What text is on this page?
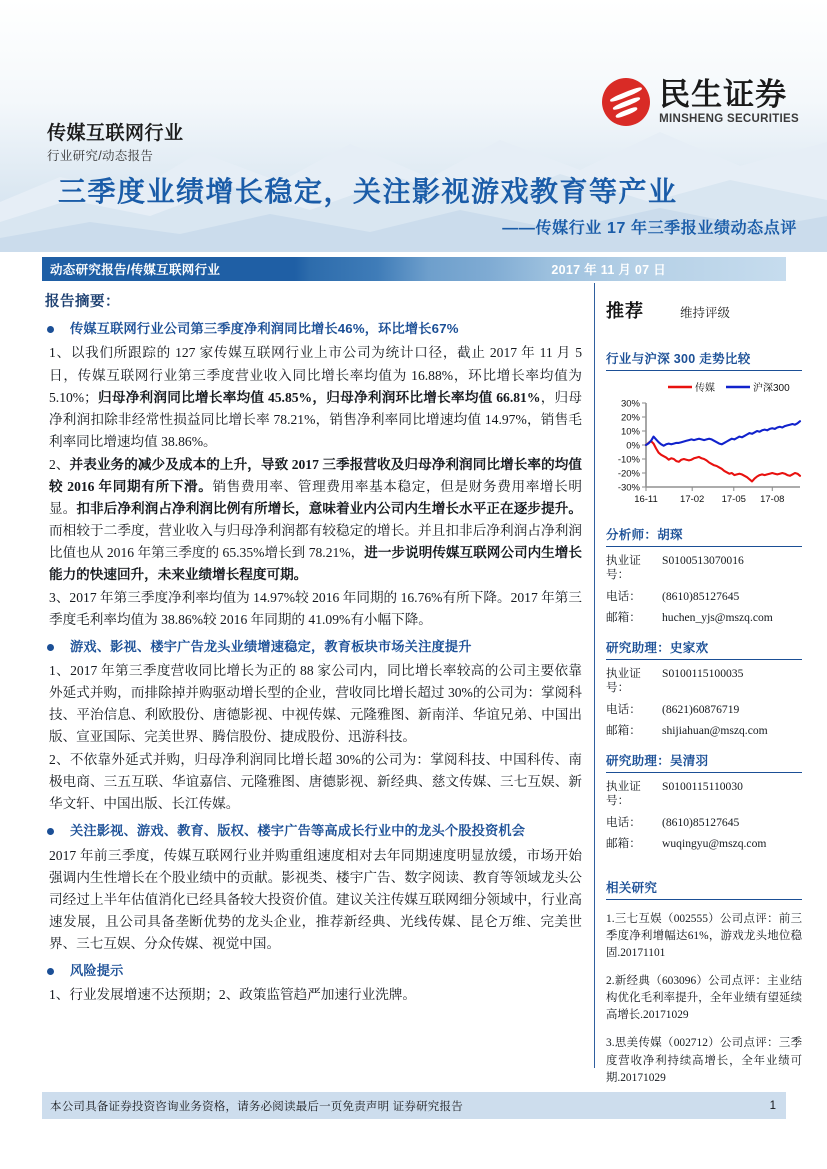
民生证券
MINSHENG SECURITIES
传媒互联网行业
行业研究/动态报告
三季度业绩增长稳定，关注影视游戏教育等产业
——传媒行业 17 年三季报业绩动态点评
动态研究报告/传媒互联网行业	2017 年 11 月 07 日
报告摘要：
传媒互联网行业公司第三季度净利润同比增长46%，环比增长67%
1、以我们所跟踪的 127 家传媒互联网行业上市公司为统计口径，截止 2017 年 11 月 5 日，传媒互联网行业第三季度营业收入同比增长率均值为 16.88%，环比增长率均值为 5.10%；归母净利润同比增长率均值 45.85%，归母净利润环比增长率均值 66.81%，归母净利润扣除非经常性损益同比增长率 78.21%，销售净利率同比增速均值 14.97%，销售毛利率同比增速均值 38.86%。
2、并表业务的减少及成本的上升，导致 2017 三季报营收及归母净利润同比增长率的均值较 2016 年同期有所下滑。销售费用率、管理费用率基本稳定，但是财务费用率增长明显。扣非后净利润占净利润比例有所增长，意味着业内公司内生增长水平正在逐步提升。而相较于二季度，营业收入与归母净利润都有较稳定的增长。并且扣非后净利润占净利润比值也从 2016 年第三季度的 65.35%增长到 78.21%，进一步说明传媒互联网公司内生增长能力的快速回升，未来业绩增长程度可期。
3、2017 年第三季度净利率均值为 14.97%较 2016 年同期的 16.76%有所下降。2017 年第三季度毛利率均值为 38.86%较 2016 年同期的 41.09%有小幅下降。
游戏、影视、楼宇广告龙头业绩增速稳定，教育板块市场关注度提升
1、2017 年第三季度营收同比增长为正的 88 家公司内，同比增长率较高的公司主要依靠外延式并购，而排除掉并购驱动增长型的企业，营收同比增长超过 30%的公司为：掌阅科技、平治信息、利欧股份、唐德影视、中视传媒、元隆雅图、新南洋、华谊兄弟、中国出版、宣亚国际、完美世界、腾信股份、捷成股份、迅游科技。
2、不依靠外延式并购，归母净利润同比增长超 30%的公司为：掌阅科技、中国科传、南极电商、三五互联、华谊嘉信、元隆雅图、唐德影视、新经典、慈文传媒、三七互娱、新华文轩、中国出版、长江传媒。
关注影视、游戏、教育、版权、楼宇广告等高成长行业中的龙头个股投资机会
2017 年前三季度，传媒互联网行业并购重组速度相对去年同期速度明显放缓，市场开始强调内生性增长在个股业绩中的贡献。影视类、楼宇广告、数字阅读、教育等领域龙头公司经过上半年估值消化已经具备较大投资价值。建议关注传媒互联网细分领域中，行业高速发展，且公司具备垄断优势的龙头企业，推荐新经典、光线传媒、昆仑万维、完美世界、三七互娱、分众传媒、视觉中国。
风险提示
1、行业发展增速不达预期；2、政策监管趋严加速行业洗牌。
推荐	维持评级
行业与沪深 300 走势比较
传媒	沪深300
30%
20%
10%
0%
-10%
-20%
-30%
16-11 17-02 17-05 17-08
分析师：胡琛
执业证号：
S0100513070016
电话：	(8610)85127645
邮箱：	huchen_yjs@mszq.com
研究助理：史家欢
执业证号：
S0100115100035
电话：	(8621)60876719
邮箱：	shijiahuan@mszq.com
研究助理：吴清羽
执业证号：
S0100115110030
电话：	(8610)85127645
邮箱：	wuqingyu@mszq.com
相关研究
1.三七互娱（002555）公司点评：前三季度净利增幅达61%，游戏龙头地位稳固.20171101
2.新经典（603096）公司点评：主业结构优化毛利率提升，全年业绩有望延续高增长.20171029
3.思美传媒（002712）公司点评：三季度营收净利持续高增长，全年业绩可期.20171029
本公司具备证券投资咨询业务资格，请务必阅读最后一页免责声明 证券研究报告	1
